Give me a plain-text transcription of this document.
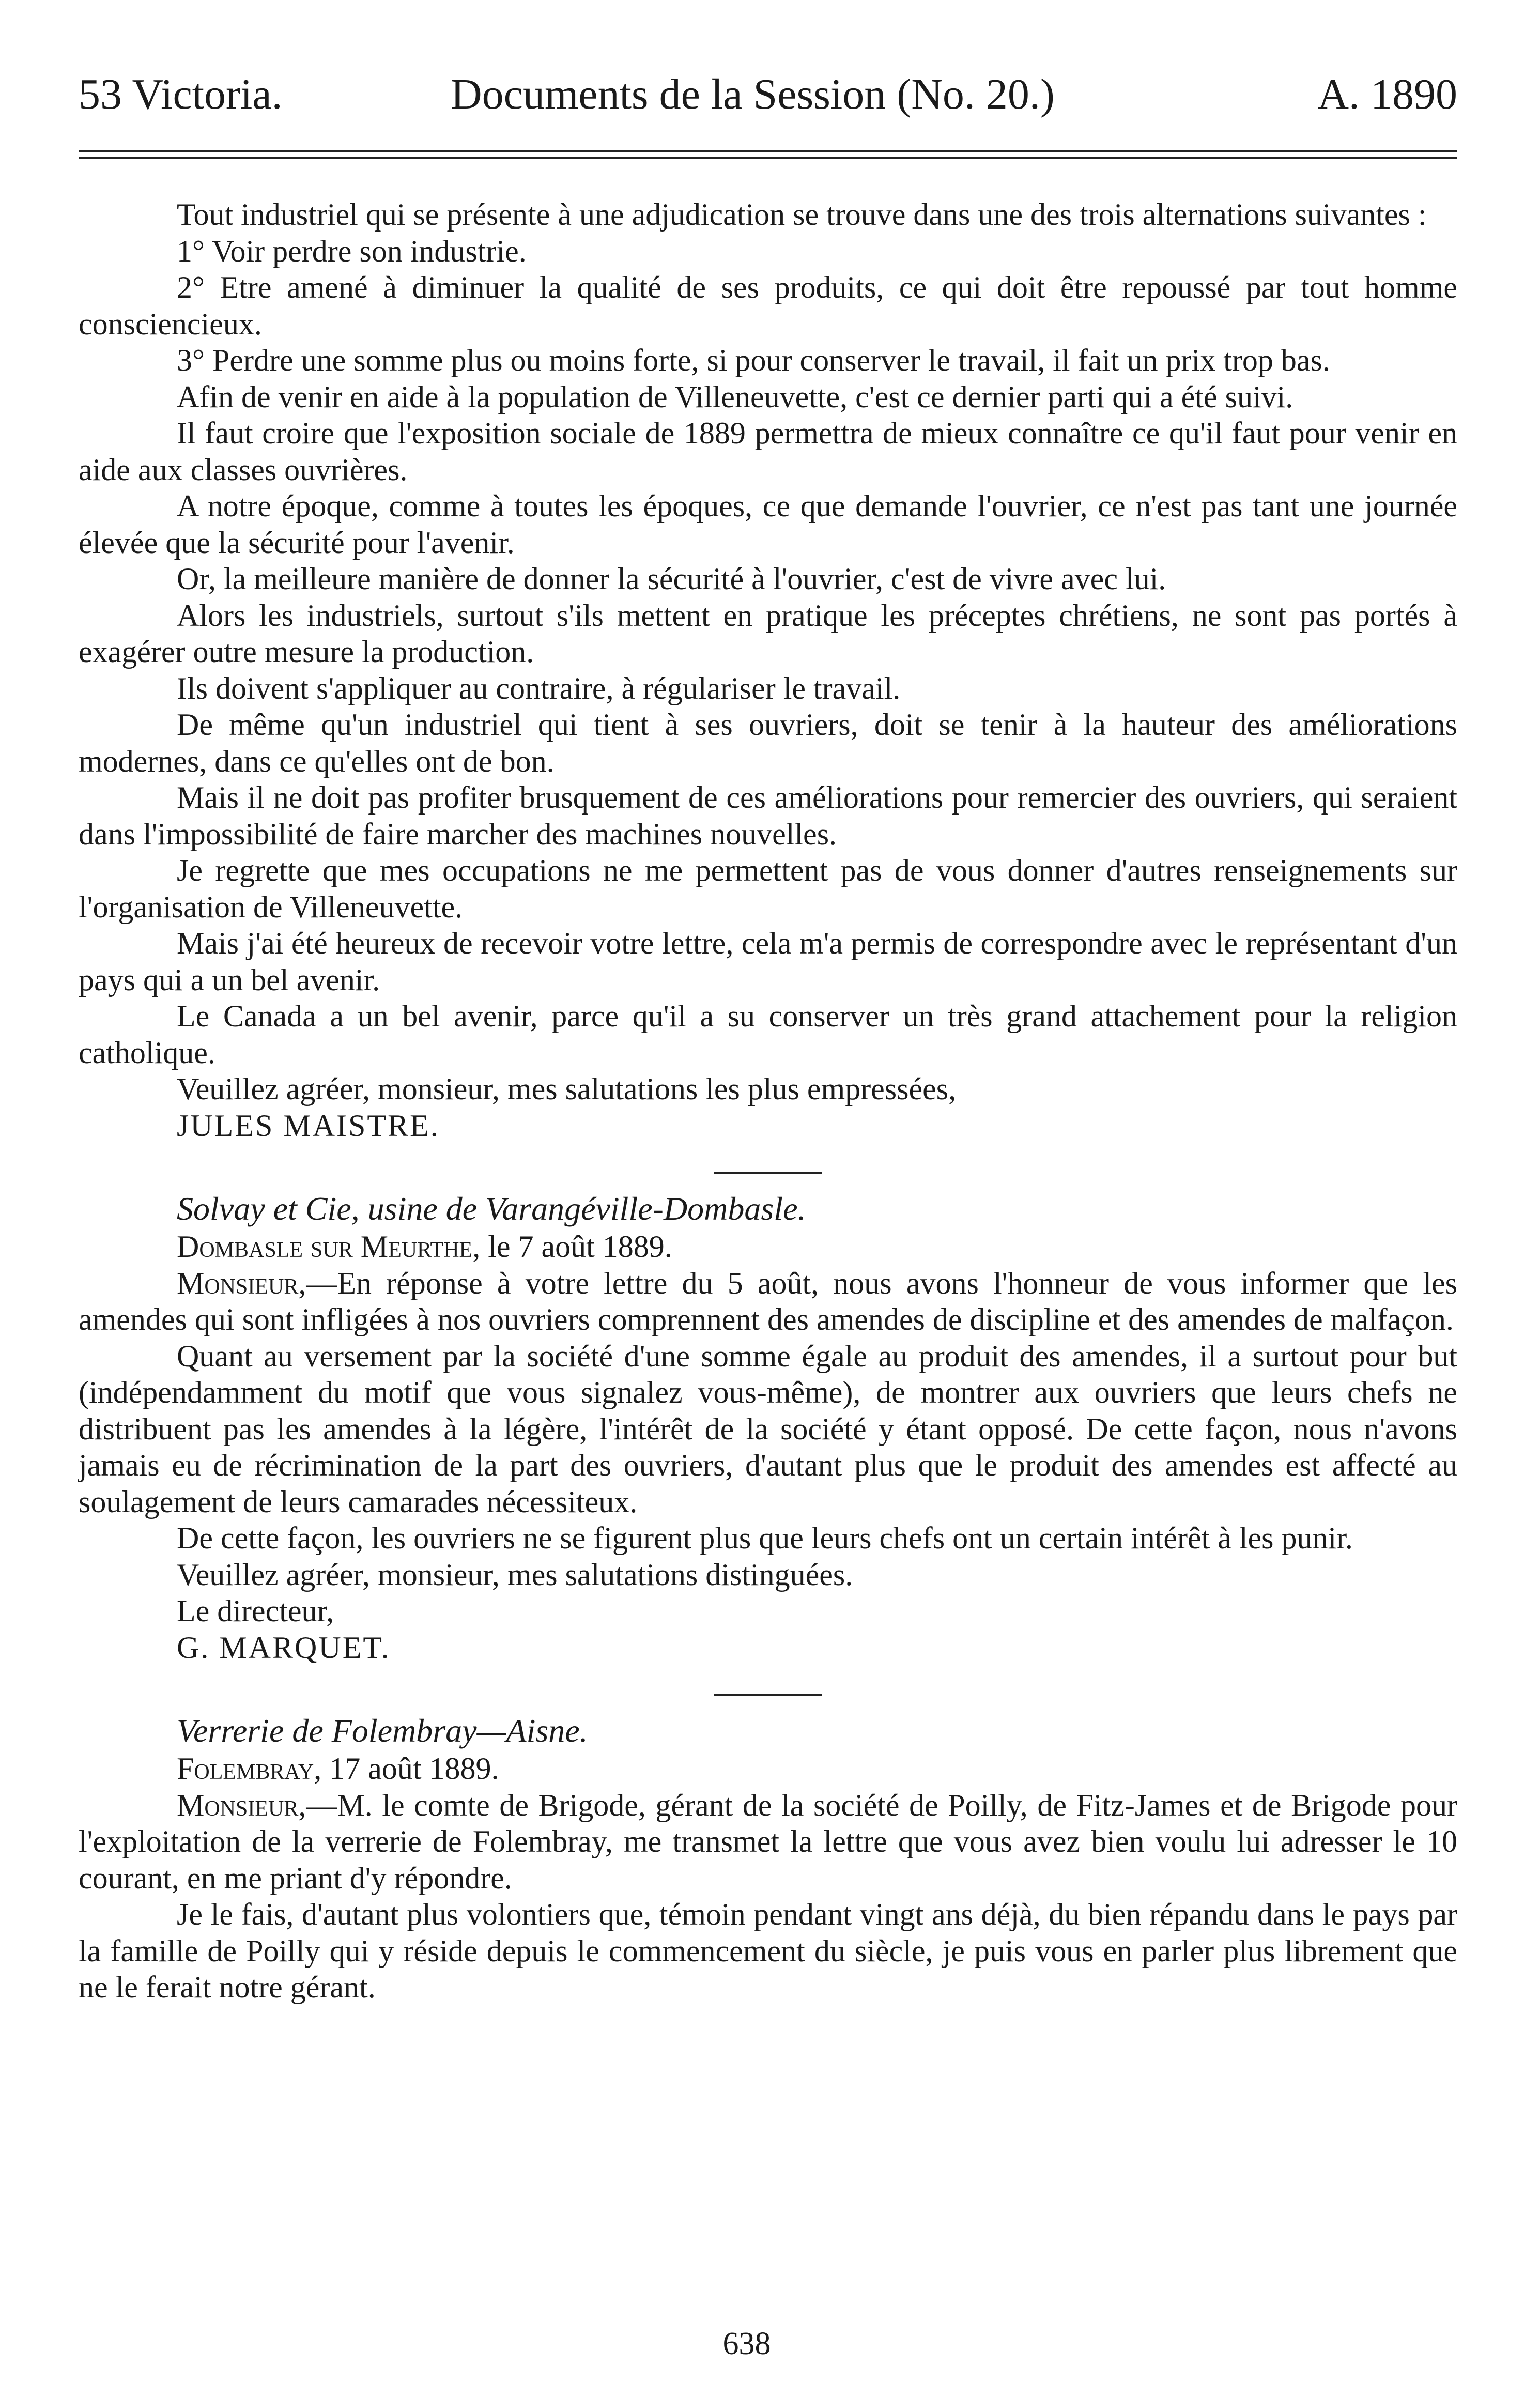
53 Victoria.	Documents de la Session (No. 20.)	A. 1890

Tout industriel qui se présente à une adjudication se trouve dans une des trois alternations suivantes :

1° Voir perdre son industrie.

2° Etre amené à diminuer la qualité de ses produits, ce qui doit être repoussé par tout homme consciencieux.

3° Perdre une somme plus ou moins forte, si pour conserver le travail, il fait un prix trop bas.

Afin de venir en aide à la population de Villeneuvette, c'est ce dernier parti qui a été suivi.

Il faut croire que l'exposition sociale de 1889 permettra de mieux connaître ce qu'il faut pour venir en aide aux classes ouvrières.

A notre époque, comme à toutes les époques, ce que demande l'ouvrier, ce n'est pas tant une journée élevée que la sécurité pour l'avenir.

Or, la meilleure manière de donner la sécurité à l'ouvrier, c'est de vivre avec lui.

Alors les industriels, surtout s'ils mettent en pratique les préceptes chrétiens, ne sont pas portés à exagérer outre mesure la production.

Ils doivent s'appliquer au contraire, à régulariser le travail.

De même qu'un industriel qui tient à ses ouvriers, doit se tenir à la hauteur des améliorations modernes, dans ce qu'elles ont de bon.

Mais il ne doit pas profiter brusquement de ces améliorations pour remercier des ouvriers, qui seraient dans l'impossibilité de faire marcher des machines nouvelles.

Je regrette que mes occupations ne me permettent pas de vous donner d'autres renseignements sur l'organisation de Villeneuvette.

Mais j'ai été heureux de recevoir votre lettre, cela m'a permis de correspondre avec le représentant d'un pays qui a un bel avenir.

Le Canada a un bel avenir, parce qu'il a su conserver un très grand attachement pour la religion catholique.

Veuillez agréer, monsieur, mes salutations les plus empressées,

JULES MAISTRE.

Solvay et Cie, usine de Varangéville-Dombasle.

Dombasle sur Meurthe, le 7 août 1889.

Monsieur,—En réponse à votre lettre du 5 août, nous avons l'honneur de vous informer que les amendes qui sont infligées à nos ouvriers comprennent des amendes de discipline et des amendes de malfaçon.

Quant au versement par la société d'une somme égale au produit des amendes, il a surtout pour but (indépendamment du motif que vous signalez vous-même), de montrer aux ouvriers que leurs chefs ne distribuent pas les amendes à la légère, l'intérêt de la société y étant opposé. De cette façon, nous n'avons jamais eu de récrimination de la part des ouvriers, d'autant plus que le produit des amendes est affecté au soulagement de leurs camarades nécessiteux.

De cette façon, les ouvriers ne se figurent plus que leurs chefs ont un certain intérêt à les punir.

Veuillez agréer, monsieur, mes salutations distinguées.

Le directeur,

G. MARQUET.

Verrerie de Folembray—Aisne.

Folembray, 17 août 1889.

Monsieur,—M. le comte de Brigode, gérant de la société de Poilly, de Fitz-James et de Brigode pour l'exploitation de la verrerie de Folembray, me transmet la lettre que vous avez bien voulu lui adresser le 10 courant, en me priant d'y répondre.

Je le fais, d'autant plus volontiers que, témoin pendant vingt ans déjà, du bien répandu dans le pays par la famille de Poilly qui y réside depuis le commencement du siècle, je puis vous en parler plus librement que ne le ferait notre gérant.

638
